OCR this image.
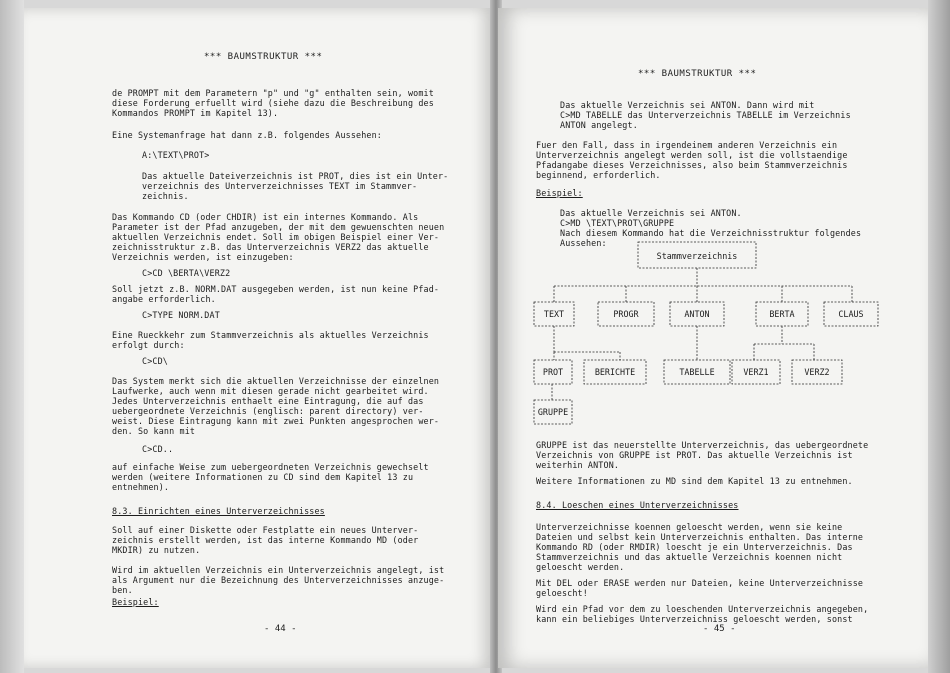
*** BAUMSTRUKTUR ***
de PROMPT mit dem Parametern "p" und "g" enthalten sein, womit
diese Forderung erfuellt wird (siehe dazu die Beschreibung des
Kommandos PROMPT im Kapitel 13).
Eine Systemanfrage hat dann z.B. folgendes Aussehen:
A:\TEXT\PROT>
Das aktuelle Dateiverzeichnis ist PROT, dies ist ein Unter-
verzeichnis des Unterverzeichnisses TEXT im Stammver-
zeichnis.
Das Kommando CD (oder CHDIR) ist ein internes Kommando. Als
Parameter ist der Pfad anzugeben, der mit dem gewuenschten neuen
aktuellen Verzeichnis endet. Soll im obigen Beispiel einer Ver-
zeichnisstruktur z.B. das Unterverzeichnis VERZ2 das aktuelle
Verzeichnis werden, ist einzugeben:
C>CD \BERTA\VERZ2
Soll jetzt z.B. NORM.DAT ausgegeben werden, ist nun keine Pfad-
angabe erforderlich.
C>TYPE NORM.DAT
Eine Rueckkehr zum Stammverzeichnis als aktuelles Verzeichnis
erfolgt durch:
C>CD\
Das System merkt sich die aktuellen Verzeichnisse der einzelnen
Laufwerke, auch wenn mit diesen gerade nicht gearbeitet wird.
Jedes Unterverzeichnis enthaelt eine Eintragung, die auf das
uebergeordnete Verzeichnis (englisch: parent directory) ver-
weist. Diese Eintragung kann mit zwei Punkten angesprochen wer-
den. So kann mit
C>CD..
auf einfache Weise zum uebergeordneten Verzeichnis gewechselt
werden (weitere Informationen zu CD sind dem Kapitel 13 zu
entnehmen).
8.3. Einrichten eines Unterverzeichnisses
Soll auf einer Diskette oder Festplatte ein neues Unterver-
zeichnis erstellt werden, ist das interne Kommando MD (oder
MKDIR) zu nutzen.
Wird im aktuellen Verzeichnis ein Unterverzeichnis angelegt, ist
als Argument nur die Bezeichnung des Unterverzeichnisses anzuge-
ben.
Beispiel:
- 44 -
*** BAUMSTRUKTUR ***
Das aktuelle Verzeichnis sei ANTON. Dann wird mit
C>MD TABELLE das Unterverzeichnis TABELLE im Verzeichnis
ANTON angelegt.
Fuer den Fall, dass in irgendeinem anderen Verzeichnis ein
Unterverzeichnis angelegt werden soll, ist die vollstaendige
Pfadangabe dieses Verzeichnisses, also beim Stammverzeichnis
beginnend, erforderlich.
Beispiel:
Das aktuelle Verzeichnis sei ANTON.
C>MD \TEXT\PROT\GRUPPE
Nach diesem Kommando hat die Verzeichnisstruktur folgendes
Aussehen:
GRUPPE ist das neuerstellte Unterverzeichnis, das uebergeordnete
Verzeichnis von GRUPPE ist PROT. Das aktuelle Verzeichnis ist
weiterhin ANTON.
Weitere Informationen zu MD sind dem Kapitel 13 zu entnehmen.
8.4. Loeschen eines Unterverzeichnisses
Unterverzeichnisse koennen geloescht werden, wenn sie keine
Dateien und selbst kein Unterverzeichnis enthalten. Das interne
Kommando RD (oder RMDIR) loescht je ein Unterverzeichnis. Das
Stammverzeichnis und das aktuelle Verzeichnis koennen nicht
geloescht werden.
Mit DEL oder ERASE werden nur Dateien, keine Unterverzeichnisse
geloescht!
Wird ein Pfad vor dem zu loeschenden Unterverzeichnis angegeben,
kann ein beliebiges Unterverzeichniss geloescht werden, sonst
Stammverzeichnis
TEXT	PROGR	ANTON	BERTA	CLAUS
PROT	BERICHTE	TABELLE	VERZ1	VERZ2
GRUPPE
- 45 -
